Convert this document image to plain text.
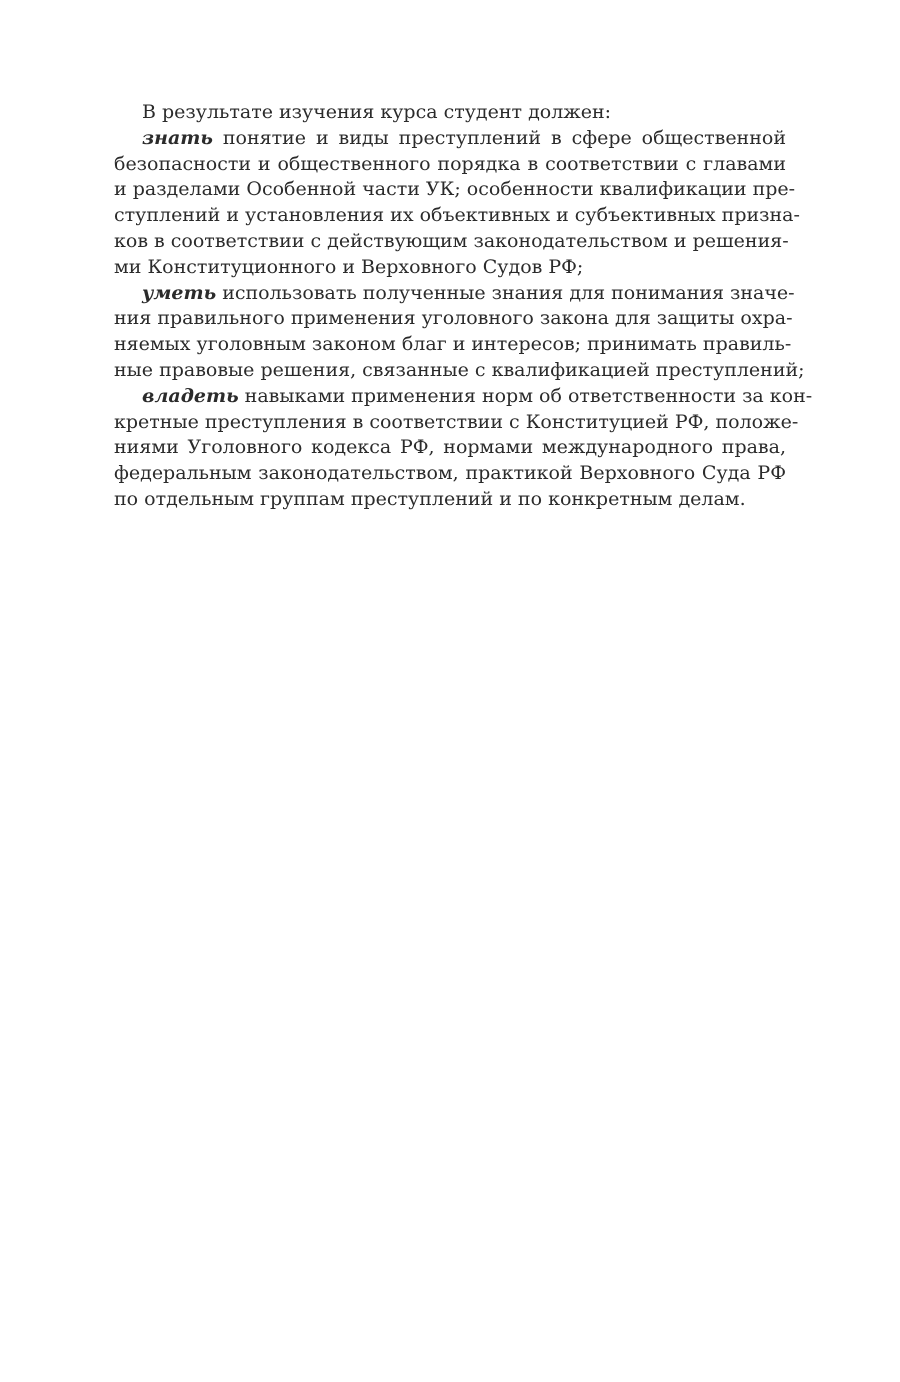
В результате изучения курса студент должен:
знать понятие и виды преступлений в сфере общественной
безопасности и общественного порядка в соответствии с главами
и разделами Особенной части УК; особенности квалификации пре-
ступлений и установления их объективных и субъективных призна-
ков в соответствии с действующим законодательством и решения-
ми Конституционного и Верховного Судов РФ;
уметь использовать полученные знания для понимания значе-
ния правильного применения уголовного закона для защиты охра-
няемых уголовным законом благ и интересов; принимать правиль-
ные правовые решения, связанные с квалификацией преступлений;
владеть навыками применения норм об ответственности за кон-
кретные преступления в соответствии с Конституцией РФ, положе-
ниями Уголовного кодекса РФ, нормами международного права,
федеральным законодательством, практикой Верховного Суда РФ
по отдельным группам преступлений и по конкретным делам.
